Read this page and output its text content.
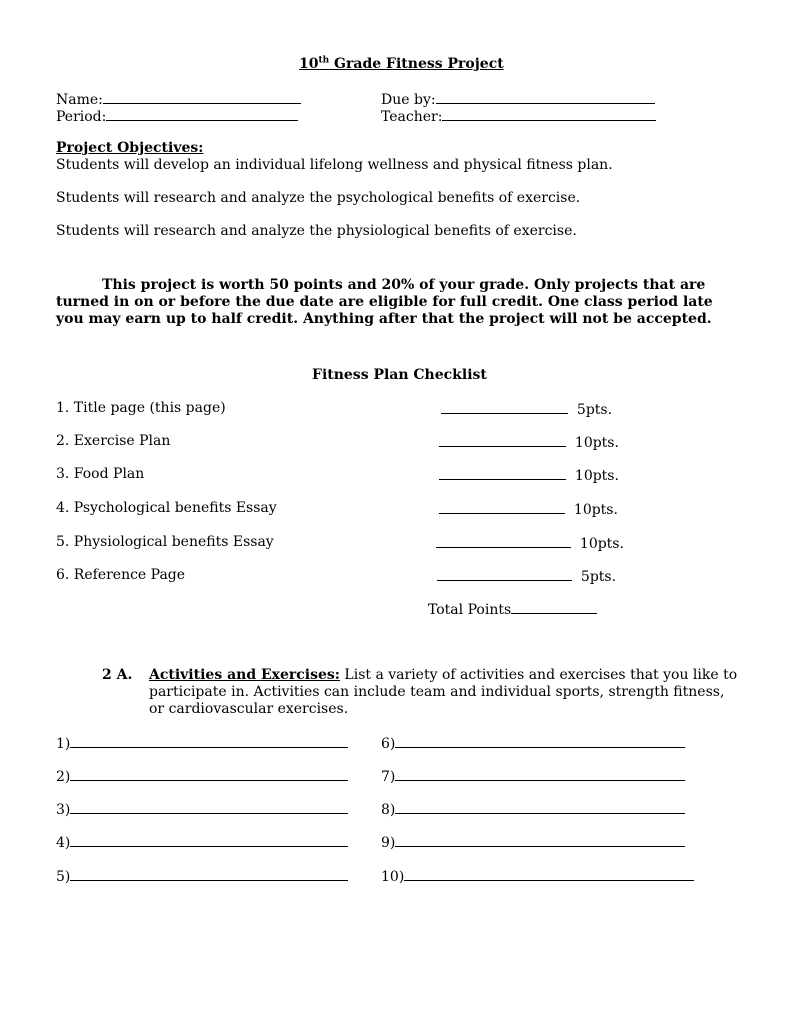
10th Grade Fitness Project
Name:	Due by:
Period:	Teacher:
Project Objectives:
Students will develop an individual lifelong wellness and physical fitness plan.
Students will research and analyze the psychological benefits of exercise.
Students will research and analyze the physiological benefits of exercise.
This project is worth 50 points and 20% of your grade. Only projects that are turned in on or before the due date are eligible for full credit. One class period late you may earn up to half credit. Anything after that the project will not be accepted.
Fitness Plan Checklist
1. Title page (this page)	5pts.
2. Exercise Plan	10pts.
3. Food Plan	10pts.
4. Psychological benefits Essay	10pts.
5. Physiological benefits Essay	10pts.
6. Reference Page	5pts.
Total Points
2 A. Activities and Exercises: List a variety of activities and exercises that you like to participate in. Activities can include team and individual sports, strength fitness, or cardiovascular exercises.
1)
2)
3)
4)
5)
6)
7)
8)
9)
10)
